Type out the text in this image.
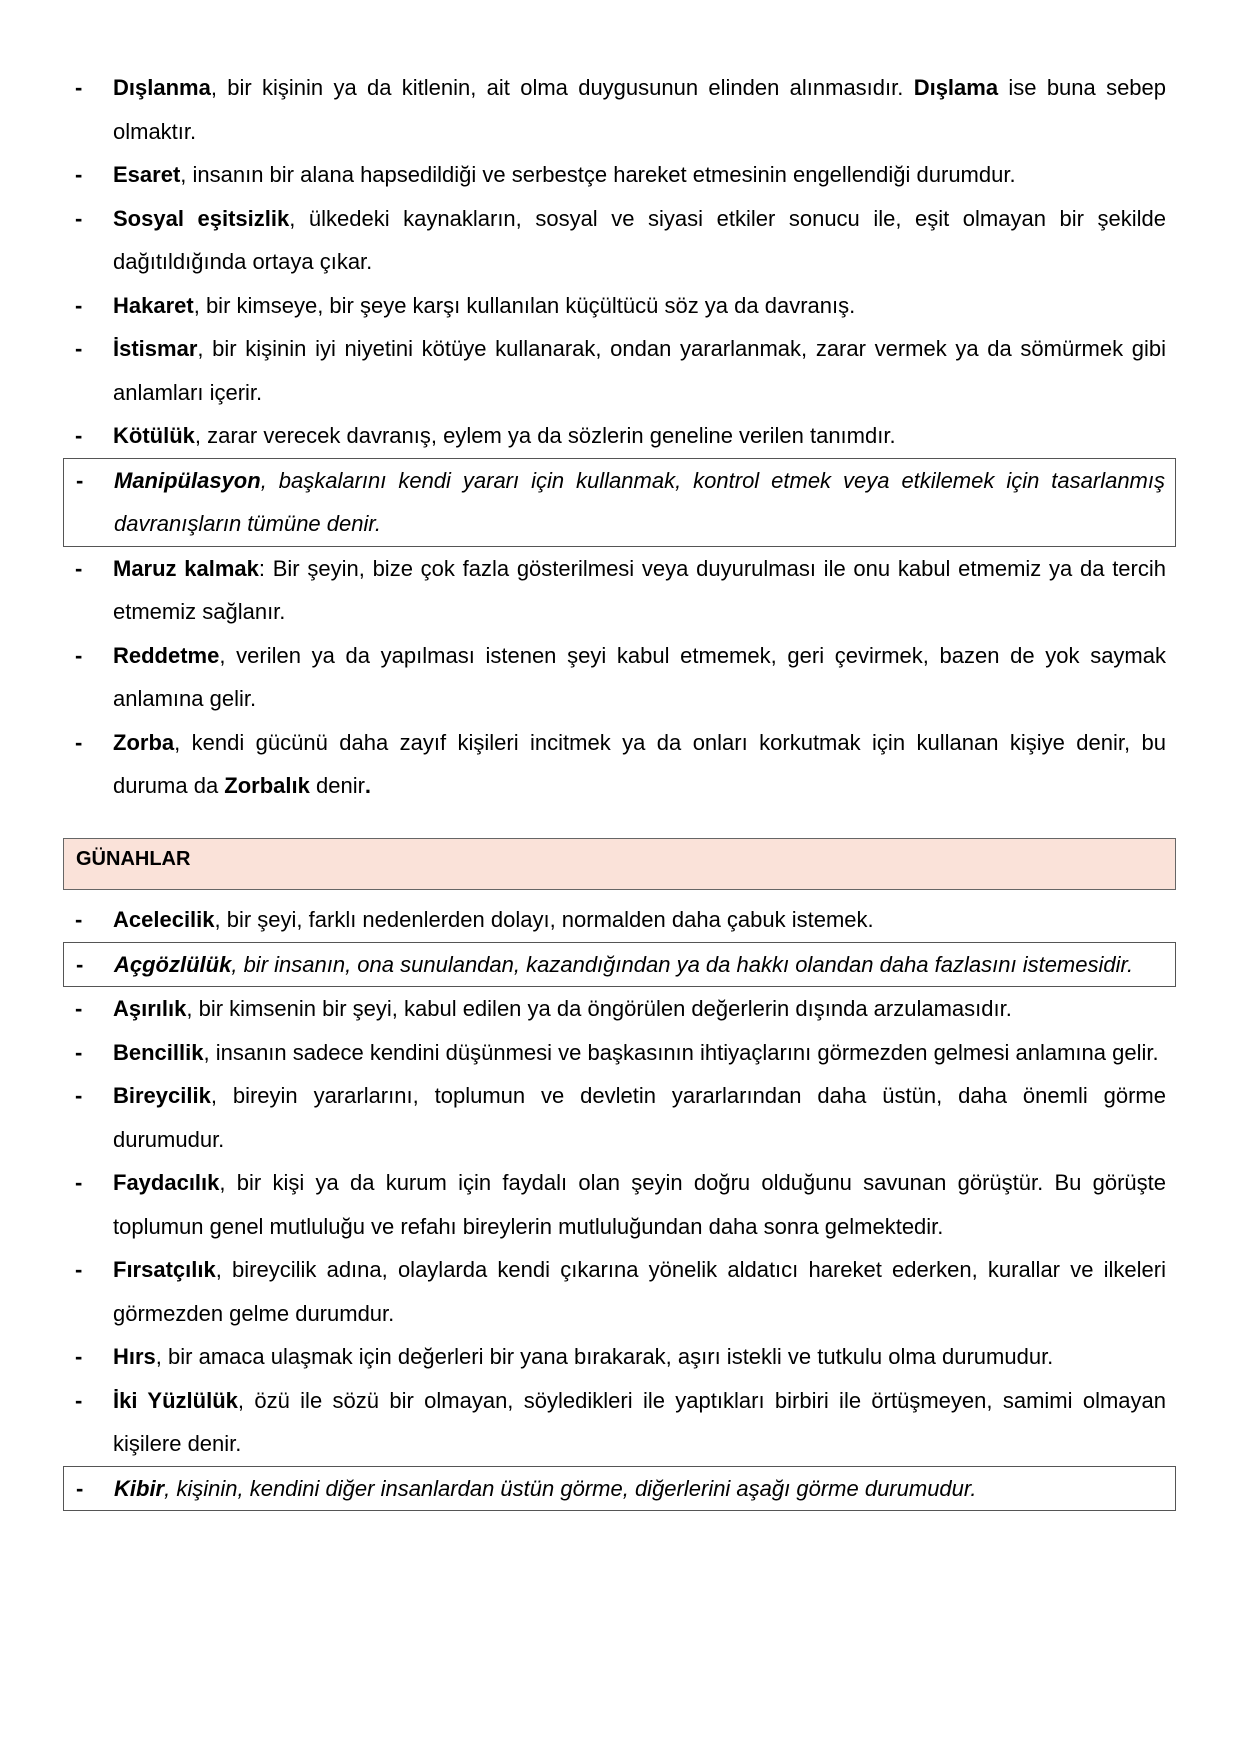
- Dışlanma, bir kişinin ya da kitlenin, ait olma duygusunun elinden alınmasıdır. Dışlama ise buna sebep olmaktır.
- Esaret, insanın bir alana hapsedildiği ve serbestçe hareket etmesinin engellendiği durumdur.
- Sosyal eşitsizlik, ülkedeki kaynakların, sosyal ve siyasi etkiler sonucu ile, eşit olmayan bir şekilde dağıtıldığında ortaya çıkar.
- Hakaret, bir kimseye, bir şeye karşı kullanılan küçültücü söz ya da davranış.
- İstismar, bir kişinin iyi niyetini kötüye kullanarak, ondan yararlanmak, zarar vermek ya da sömürmek gibi anlamları içerir.
- Kötülük, zarar verecek davranış, eylem ya da sözlerin geneline verilen tanımdır.
- Manipülasyon, başkalarını kendi yararı için kullanmak, kontrol etmek veya etkilemek için tasarlanmış davranışların tümüne denir.
- Maruz kalmak: Bir şeyin, bize çok fazla gösterilmesi veya duyurulması ile onu kabul etmemiz ya da tercih etmemiz sağlanır.
- Reddetme, verilen ya da yapılması istenen şeyi kabul etmemek, geri çevirmek, bazen de yok saymak anlamına gelir.
- Zorba, kendi gücünü daha zayıf kişileri incitmek ya da onları korkutmak için kullanan kişiye denir, bu duruma da Zorbalık denir.
GÜNAHLAR
- Acelecilik, bir şeyi, farklı nedenlerden dolayı, normalden daha çabuk istemek.
- Açgözlülük, bir insanın, ona sunulandan, kazandığından ya da hakkı olandan daha fazlasını istemesidir.
- Aşırılık, bir kimsenin bir şeyi, kabul edilen ya da öngörülen değerlerin dışında arzulamasıdır.
- Bencillik, insanın sadece kendini düşünmesi ve başkasının ihtiyaçlarını görmezden gelmesi anlamına gelir.
- Bireycilik, bireyin yararlarını, toplumun ve devletin yararlarından daha üstün, daha önemli görme durumudur.
- Faydacılık, bir kişi ya da kurum için faydalı olan şeyin doğru olduğunu savunan görüştür. Bu görüşte toplumun genel mutluluğu ve refahı bireylerin mutluluğundan daha sonra gelmektedir.
- Fırsatçılık, bireycilik adına, olaylarda kendi çıkarına yönelik aldatıcı hareket ederken, kurallar ve ilkeleri görmezden gelme durumdur.
- Hırs, bir amaca ulaşmak için değerleri bir yana bırakarak, aşırı istekli ve tutkulu olma durumudur.
- İki Yüzlülük, özü ile sözü bir olmayan, söyledikleri ile yaptıkları birbiri ile örtüşmeyen, samimi olmayan kişilere denir.
- Kibir, kişinin, kendini diğer insanlardan üstün görme, diğerlerini aşağı görme durumudur.
